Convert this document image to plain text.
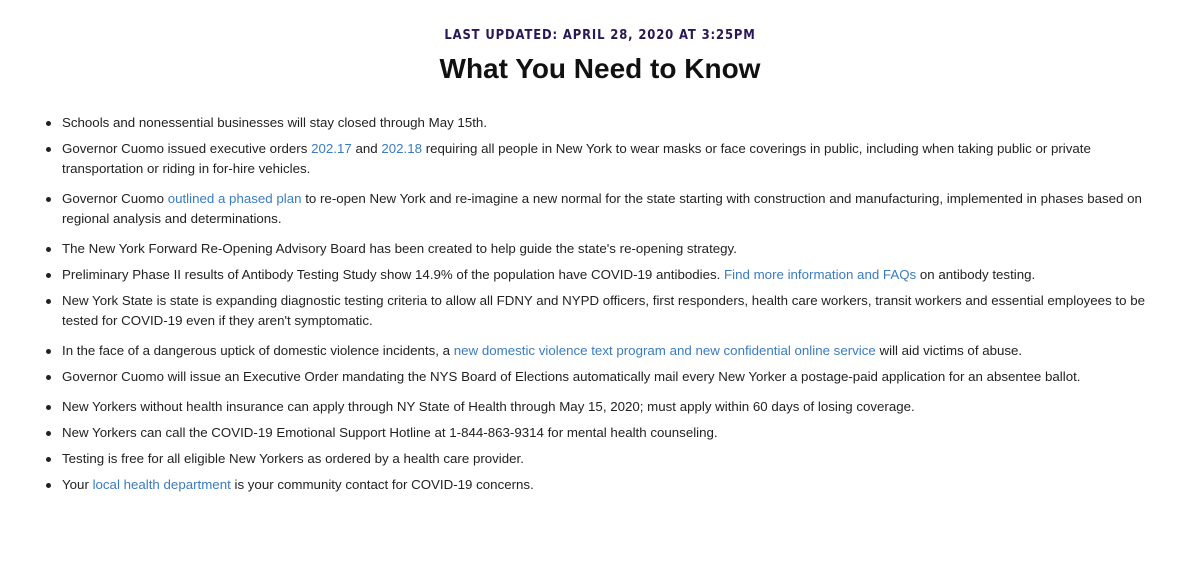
LAST UPDATED: APRIL 28, 2020 AT 3:25PM
What You Need to Know
Schools and nonessential businesses will stay closed through May 15th.
Governor Cuomo issued executive orders 202.17 and 202.18 requiring all people in New York to wear masks or face coverings in public, including when taking public or private transportation or riding in for-hire vehicles.
Governor Cuomo outlined a phased plan to re-open New York and re-imagine a new normal for the state starting with construction and manufacturing, implemented in phases based on regional analysis and determinations.
The New York Forward Re-Opening Advisory Board has been created to help guide the state's re-opening strategy.
Preliminary Phase II results of Antibody Testing Study show 14.9% of the population have COVID-19 antibodies. Find more information and FAQs on antibody testing.
New York State is state is expanding diagnostic testing criteria to allow all FDNY and NYPD officers, first responders, health care workers, transit workers and essential employees to be tested for COVID-19 even if they aren't symptomatic.
In the face of a dangerous uptick of domestic violence incidents, a new domestic violence text program and new confidential online service will aid victims of abuse.
Governor Cuomo will issue an Executive Order mandating the NYS Board of Elections automatically mail every New Yorker a postage-paid application for an absentee ballot.
New Yorkers without health insurance can apply through NY State of Health through May 15, 2020; must apply within 60 days of losing coverage.
New Yorkers can call the COVID-19 Emotional Support Hotline at 1-844-863-9314 for mental health counseling.
Testing is free for all eligible New Yorkers as ordered by a health care provider.
Your local health department is your community contact for COVID-19 concerns.
